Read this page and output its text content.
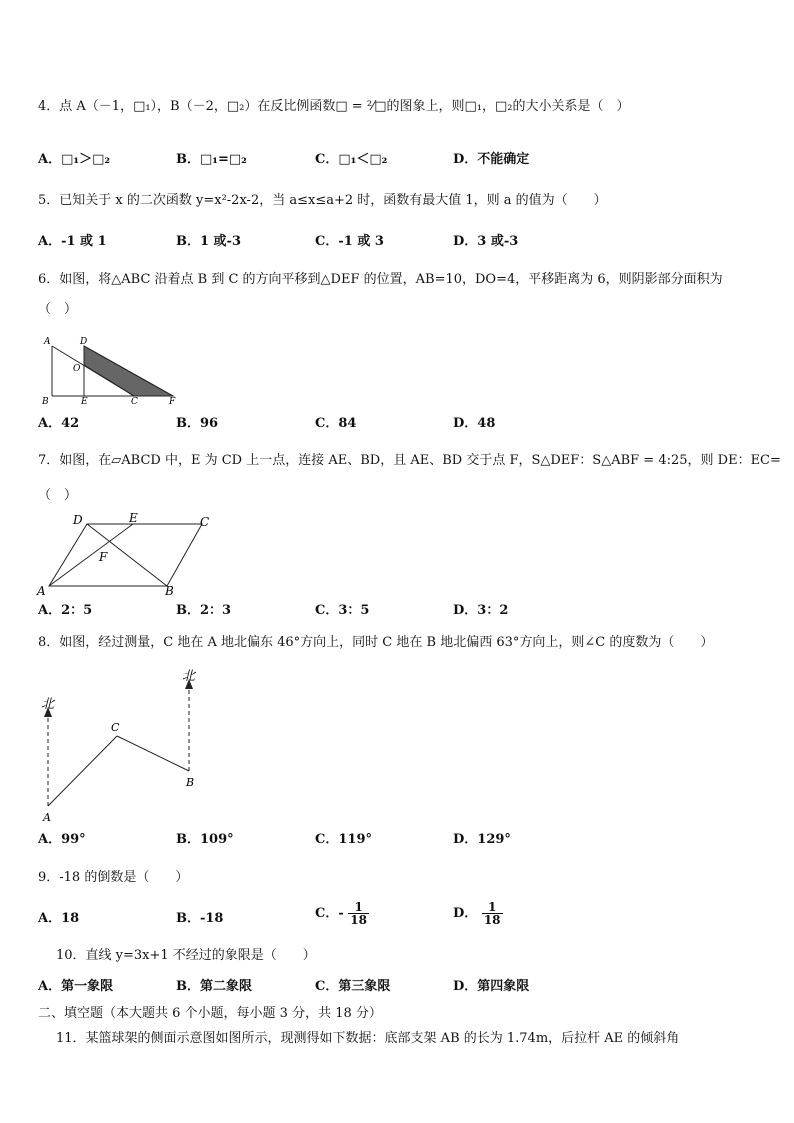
4．点 A（－1，□₁），B（－2，□₂）在反比例函数□ = ²⁄□的图象上，则□₁，□₂的大小关系是（　）
A．□₁＞□₂	B．□₁=□₂	C．□₁＜□₂	D．不能确定
5．已知关于 x 的二次函数 y=x²-2x-2，当 a≤x≤a+2 时，函数有最大值 1，则 a 的值为（　　）
A．-1 或 1	B．1 或-3	C．-1 或 3	D．3 或-3
6．如图，将△ABC 沿着点 B 到 C 的方向平移到△DEF 的位置，AB=10，DO=4，平移距离为 6，则阴影部分面积为
（　）
A	D
O
B	E	C	F
A．42	B．96	C．84	D．48
7．如图，在▱ABCD 中，E 为 CD 上一点，连接 AE、BD，且 AE、BD 交于点 F，S△DEF：S△ABF = 4:25，则 DE：EC=
（　）
D	E	C
F
A	B
A．2：5	B．2：3	C．3：5	D．3：2
8．如图，经过测量，C 地在 A 地北偏东 46°方向上，同时 C 地在 B 地北偏西 63°方向上，则∠C 的度数为（　　）
北
北
C
A
B
A．99°	B．109°	C．119°	D．129°
9．-18 的倒数是（　　）
A．18	B．-18	C．- $\frac{1}{18}$	D． $\frac{1}{18}$
10．直线 y=3x+1 不经过的象限是（　　）
A．第一象限	B．第二象限	C．第三象限	D．第四象限
二、填空题（本大题共 6 个小题，每小题 3 分，共 18 分）
11．某篮球架的侧面示意图如图所示，现测得如下数据：底部支架 AB 的长为 1.74m，后拉杆 AE 的倾斜角
